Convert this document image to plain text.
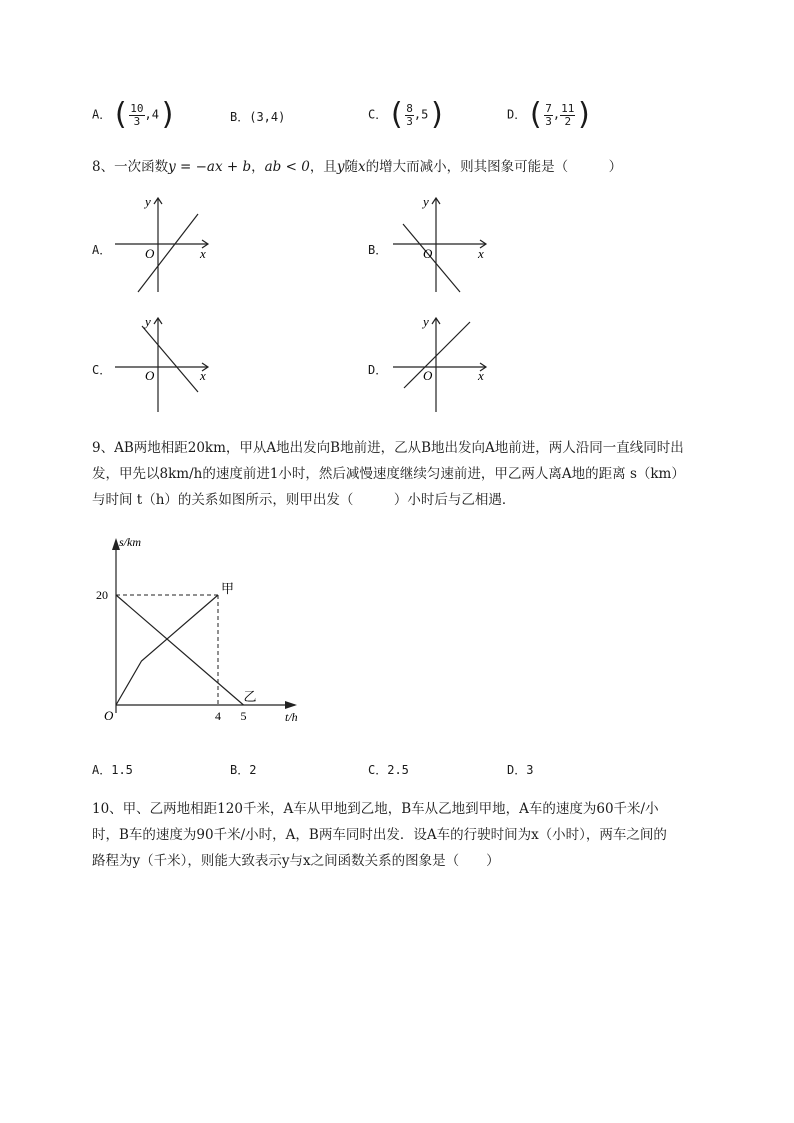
A．( $\frac{10}{3} ,4$)	B．(3,4)	C．( $\frac{8}{3} ,5$)	D．( $\frac{7}{3}$ , $\frac{11}{2}$ )
8、一次函数y = −ax + b，ab < 0，且y随x的增大而减小，则其图象可能是（　　　）
A．
y
x
O	B．
y
x
O
C．
y
x
O	D．
y
x
O
9、AB两地相距20km，甲从A地出发向B地前进，乙从B地出发向A地前进，两人沿同一直线同时出
发，甲先以8km/h的速度前进1小时，然后减慢速度继续匀速前进，甲乙两人离A地的距离 s（km）
与时间 t（h）的关系如图所示，则甲出发（　　　）小时后与乙相遇．
甲
乙
4 5
20
O
s/km
t/h
A．1.5	B．2	C．2.5	D．3
10、甲、乙两地相距120千米，A车从甲地到乙地，B车从乙地到甲地，A车的速度为60千米/小
时，B车的速度为90千米/小时，A，B两车同时出发．设A车的行驶时间为x（小时），两车之间的
路程为y（千米），则能大致表示y与x之间函数关系的图象是（　　）
